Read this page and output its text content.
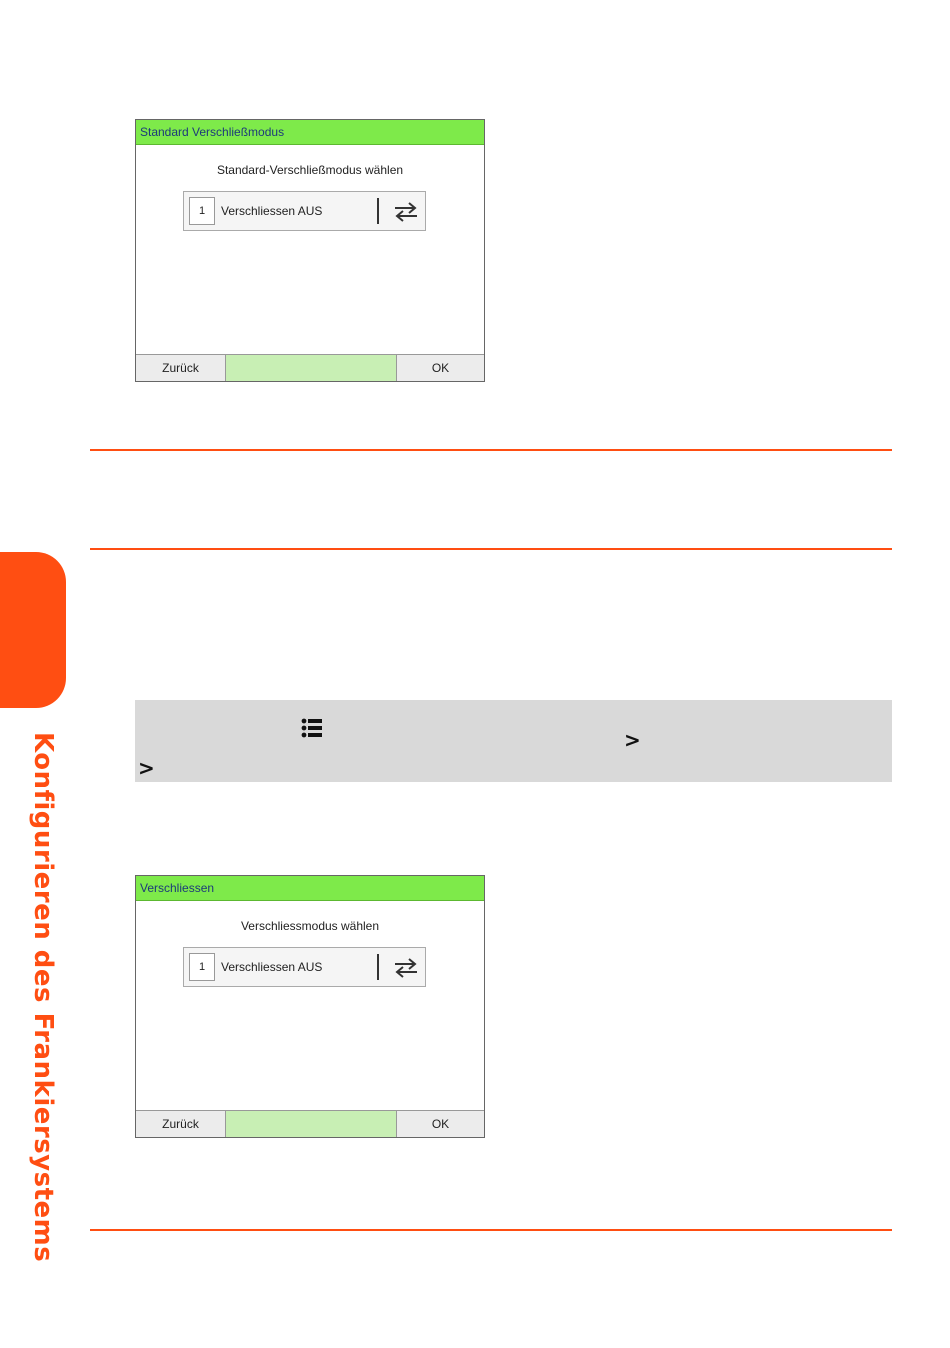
Konfigurieren des Frankiersystems
Standard Verschließmodus
Standard-Verschließmodus wählen
1	Verschliessen AUS
Zurück	OK
>
>
Verschliessen
Verschliessmodus wählen
1	Verschliessen AUS
Zurück	OK
